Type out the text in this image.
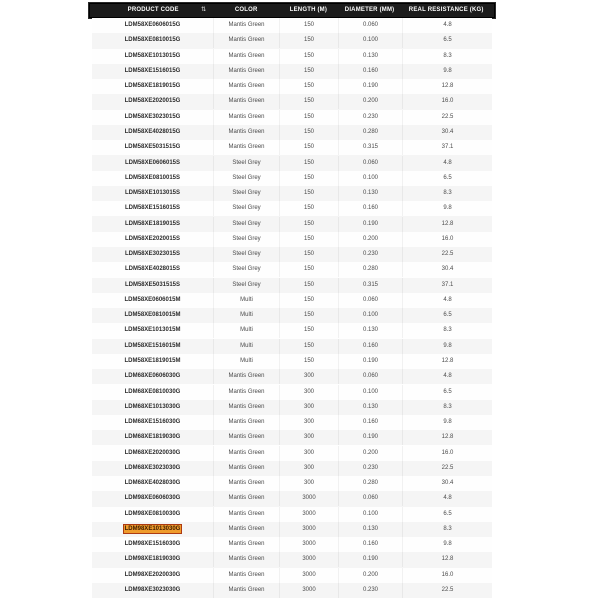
PRODUCT CODE	⇅	COLOR	LENGTH (M)	DIAMETER (MM)	REAL RESISTANCE (KG)
LDM58XE0606015G	Mantis Green	150	0.060	4.8
LDM58XE0810015G	Mantis Green	150	0.100	6.5
LDM58XE1013015G	Mantis Green	150	0.130	8.3
LDM58XE1516015G	Mantis Green	150	0.160	9.8
LDM58XE1819015G	Mantis Green	150	0.190	12.8
LDM58XE2020015G	Mantis Green	150	0.200	16.0
LDM58XE3023015G	Mantis Green	150	0.230	22.5
LDM58XE4028015G	Mantis Green	150	0.280	30.4
LDM58XE5031515G	Mantis Green	150	0.315	37.1
LDM58XE0606015S	Steel Grey	150	0.060	4.8
LDM58XE0810015S	Steel Grey	150	0.100	6.5
LDM58XE1013015S	Steel Grey	150	0.130	8.3
LDM58XE1516015S	Steel Grey	150	0.160	9.8
LDM58XE1819015S	Steel Grey	150	0.190	12.8
LDM58XE2020015S	Steel Grey	150	0.200	16.0
LDM58XE3023015S	Steel Grey	150	0.230	22.5
LDM58XE4028015S	Steel Grey	150	0.280	30.4
LDM58XE5031515S	Steel Grey	150	0.315	37.1
LDM58XE0606015M	Multi	150	0.060	4.8
LDM58XE0810015M	Multi	150	0.100	6.5
LDM58XE1013015M	Multi	150	0.130	8.3
LDM58XE1516015M	Multi	150	0.160	9.8
LDM58XE1819015M	Multi	150	0.190	12.8
LDM68XE0606030G	Mantis Green	300	0.060	4.8
LDM68XE0810030G	Mantis Green	300	0.100	6.5
LDM68XE1013030G	Mantis Green	300	0.130	8.3
LDM68XE1516030G	Mantis Green	300	0.160	9.8
LDM68XE1819030G	Mantis Green	300	0.190	12.8
LDM68XE2020030G	Mantis Green	300	0.200	16.0
LDM68XE3023030G	Mantis Green	300	0.230	22.5
LDM68XE4028030G	Mantis Green	300	0.280	30.4
LDM98XE0606030G	Mantis Green	3000	0.060	4.8
LDM98XE0810030G	Mantis Green	3000	0.100	6.5
LDM98XE1013030G	Mantis Green	3000	0.130	8.3
LDM98XE1516030G	Mantis Green	3000	0.160	9.8
LDM98XE1819030G	Mantis Green	3000	0.190	12.8
LDM98XE2020030G	Mantis Green	3000	0.200	16.0
LDM98XE3023030G	Mantis Green	3000	0.230	22.5
